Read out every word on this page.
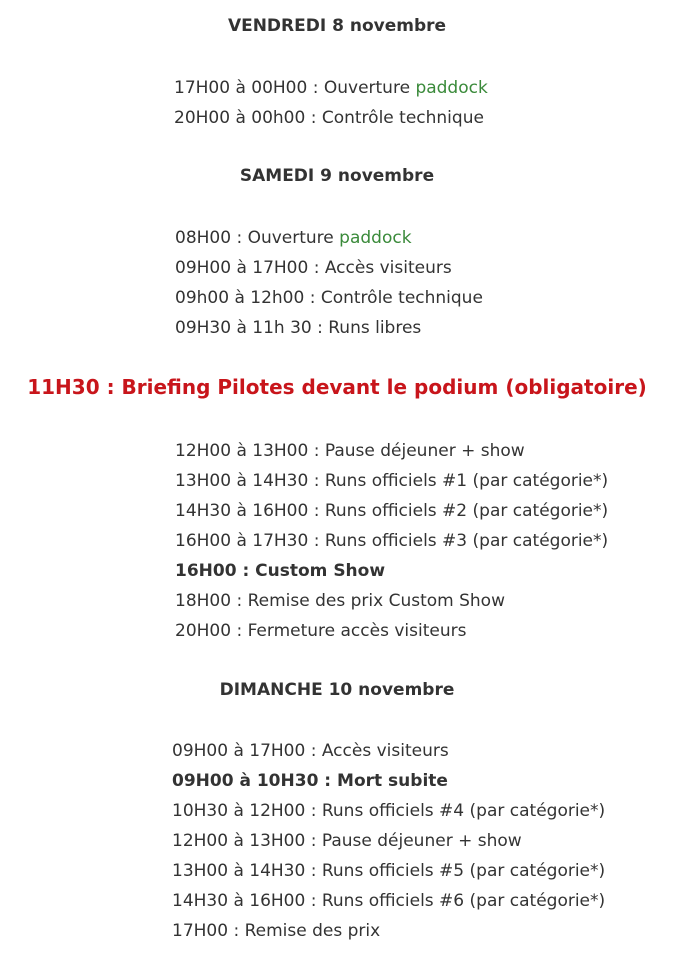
VENDREDI 8 novembre
17H00 à 00H00 : Ouverture paddock
20H00 à 00h00 : Contrôle technique
SAMEDI 9 novembre
08H00 : Ouverture paddock
09H00 à 17H00 : Accès visiteurs
09h00 à 12h00 : Contrôle technique
09H30 à 11h 30 : Runs libres
11H30 : Briefing Pilotes devant le podium (obligatoire)
12H00 à 13H00 : Pause déjeuner + show
13H00 à 14H30 : Runs officiels #1 (par catégorie*)
14H30 à 16H00 : Runs officiels #2 (par catégorie*)
16H00 à 17H30 : Runs officiels #3 (par catégorie*)
16H00 : Custom Show
18H00 : Remise des prix Custom Show
20H00 : Fermeture accès visiteurs
DIMANCHE 10 novembre
09H00 à 17H00 : Accès visiteurs
09H00 à 10H30 : Mort subite
10H30 à 12H00 : Runs officiels #4 (par catégorie*)
12H00 à 13H00 : Pause déjeuner + show
13H00 à 14H30 : Runs officiels #5 (par catégorie*)
14H30 à 16H00 : Runs officiels #6 (par catégorie*)
17H00 : Remise des prix
